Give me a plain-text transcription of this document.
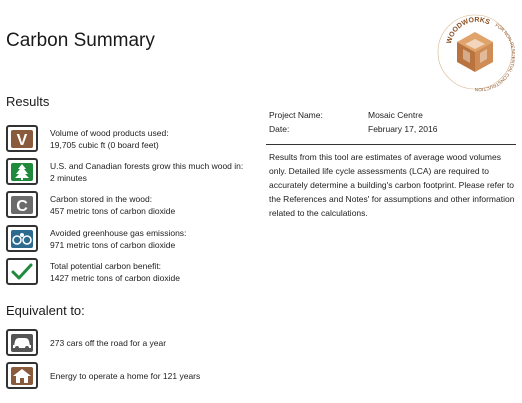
Carbon Summary	WOODWORKS FOR NON-RE TIAL CONSTRUCTION
Results
V	Volume of wood products used:
19,705 cubic ft (0 board feet)
U.S. and Canadian forests grow this much wood in:
2 minutes
C	Carbon stored in the wood:
457 metric tons of carbon dioxide
Avoided greenhouse gas emissions:
971 metric tons of carbon dioxide
Total potential carbon benefit:
1427 metric tons of carbon dioxide
Equivalent to:
273 cars off the road for a year
Energy to operate a home for 121 years
Project Name:	Mosaic Centre
Date:	February 17, 2016
Results from this tool are estimates of average wood volumes only. Detailed life cycle assessments (LCA) are required to accurately determine a building's carbon footprint. Please refer to the References and Notes' for assumptions and other information related to the calculations.
